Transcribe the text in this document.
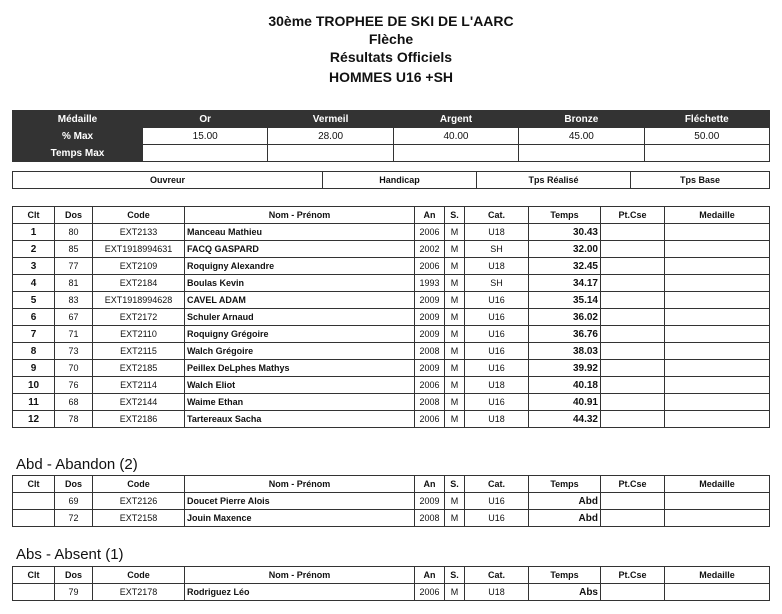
30ème TROPHEE DE SKI DE L'AARC
Flèche
Résultats Officiels
HOMMES U16 +SH
Médaille	Or	Vermeil	Argent	Bronze	Fléchette
% Max	15.00	28.00	40.00	45.00	50.00
Temps Max					
Ouvreur	Handicap	Tps Réalisé	Tps Base
Clt	Dos	Code	Nom - Prénom	An	S.	Cat.	Temps	Pt.Cse	Medaille
1	80	EXT2133	Manceau Mathieu	2006	M	U18	30.43		
2	85	EXT1918994631	FACQ GASPARD	2002	M	SH	32.00		
3	77	EXT2109	Roquigny Alexandre	2006	M	U18	32.45		
4	81	EXT2184	Boulas Kevin	1993	M	SH	34.17		
5	83	EXT1918994628	CAVEL ADAM	2009	M	U16	35.14		
6	67	EXT2172	Schuler Arnaud	2009	M	U16	36.02		
7	71	EXT2110	Roquigny Grégoire	2009	M	U16	36.76		
8	73	EXT2115	Walch Grégoire	2008	M	U16	38.03		
9	70	EXT2185	Peillex DeLphes Mathys	2009	M	U16	39.92		
10	76	EXT2114	Walch Eliot	2006	M	U18	40.18		
11	68	EXT2144	Waime Ethan	2008	M	U16	40.91		
12	78	EXT2186	Tartereaux Sacha	2006	M	U18	44.32		
Abd - Abandon (2)
Clt	Dos	Code	Nom - Prénom	An	S.	Cat.	Temps	Pt.Cse	Medaille
	69	EXT2126	Doucet Pierre Alois	2009	M	U16	Abd		
	72	EXT2158	Jouin Maxence	2008	M	U16	Abd		
Abs - Absent (1)
Clt	Dos	Code	Nom - Prénom	An	S.	Cat.	Temps	Pt.Cse	Medaille
	79	EXT2178	Rodriguez Léo	2006	M	U18	Abs		
